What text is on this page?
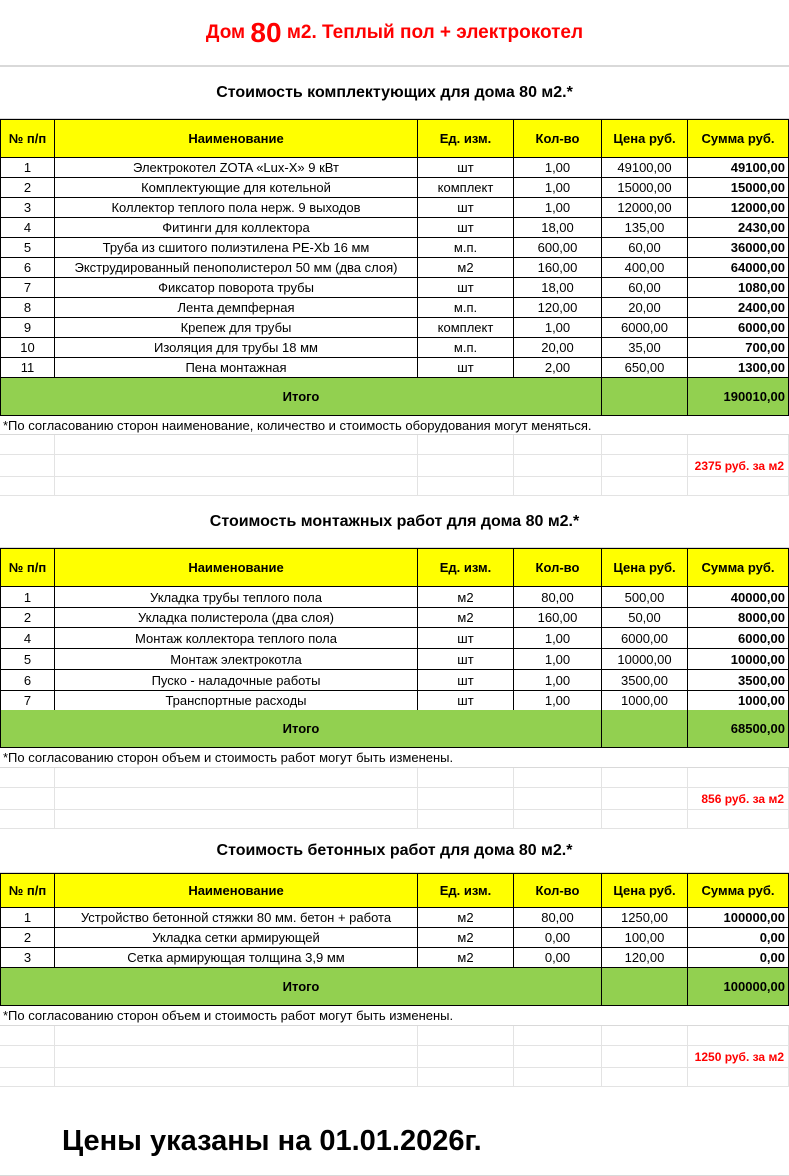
Дом
80
м2. Теплый пол + электрокотел
Стоимость комплектующих для дома 80 м2.*
№ п/п	Наименование	Ед. изм.	Кол-во	Цена руб.	Сумма руб.
1	Электрокотел ZOTA «Lux-X» 9 кВт	шт	1,00	49100,00	49100,00
2	Комплектующие для котельной	комплект	1,00	15000,00	15000,00
3	Коллектор теплого пола нерж. 9 выходов	шт	1,00	12000,00	12000,00
4	Фитинги для коллектора	шт	18,00	135,00	2430,00
5	Труба из сшитого полиэтилена PE-Xb 16 мм	м.п.	600,00	60,00	36000,00
6	Экструдированный пенополистерол 50 мм (два слоя)	м2	160,00	400,00	64000,00
7	Фиксатор поворота трубы	шт	18,00	60,00	1080,00
8	Лента демпферная	м.п.	120,00	20,00	2400,00
9	Крепеж для трубы	комплект	1,00	6000,00	6000,00
10	Изоляция для трубы 18 мм	м.п.	20,00	35,00	700,00
11	Пена монтажная	шт	2,00	650,00	1300,00
Итого	190010,00
*По согласованию сторон наименование, количество и стоимость оборудования могут меняться.
2375 руб. за м2
Стоимость монтажных работ для дома 80 м2.*
№ п/п	Наименование	Ед. изм.	Кол-во	Цена руб.	Сумма руб.
1	Укладка трубы теплого пола	м2	80,00	500,00	40000,00
2	Укладка полистерола (два слоя)	м2	160,00	50,00	8000,00
4	Монтаж коллектора теплого пола	шт	1,00	6000,00	6000,00
5	Монтаж электрокотла	шт	1,00	10000,00	10000,00
6	Пуско - наладочные работы	шт	1,00	3500,00	3500,00
7	Транспортные расходы	шт	1,00	1000,00	1000,00
Итого	68500,00
*По согласованию сторон объем и стоимость работ могут быть изменены.
856 руб. за м2
Стоимость бетонных работ для дома 80 м2.*
№ п/п	Наименование	Ед. изм.	Кол-во	Цена руб.	Сумма руб.
1	Устройство бетонной стяжки 80 мм. бетон + работа	м2	80,00	1250,00	100000,00
2	Укладка сетки армирующей	м2	0,00	100,00	0,00
3	Сетка армирующая толщина 3,9 мм	м2	0,00	120,00	0,00
Итого	100000,00
*По согласованию сторон объем и стоимость работ могут быть изменены.
1250 руб. за м2
Цены указаны на 01.01.2026г.
